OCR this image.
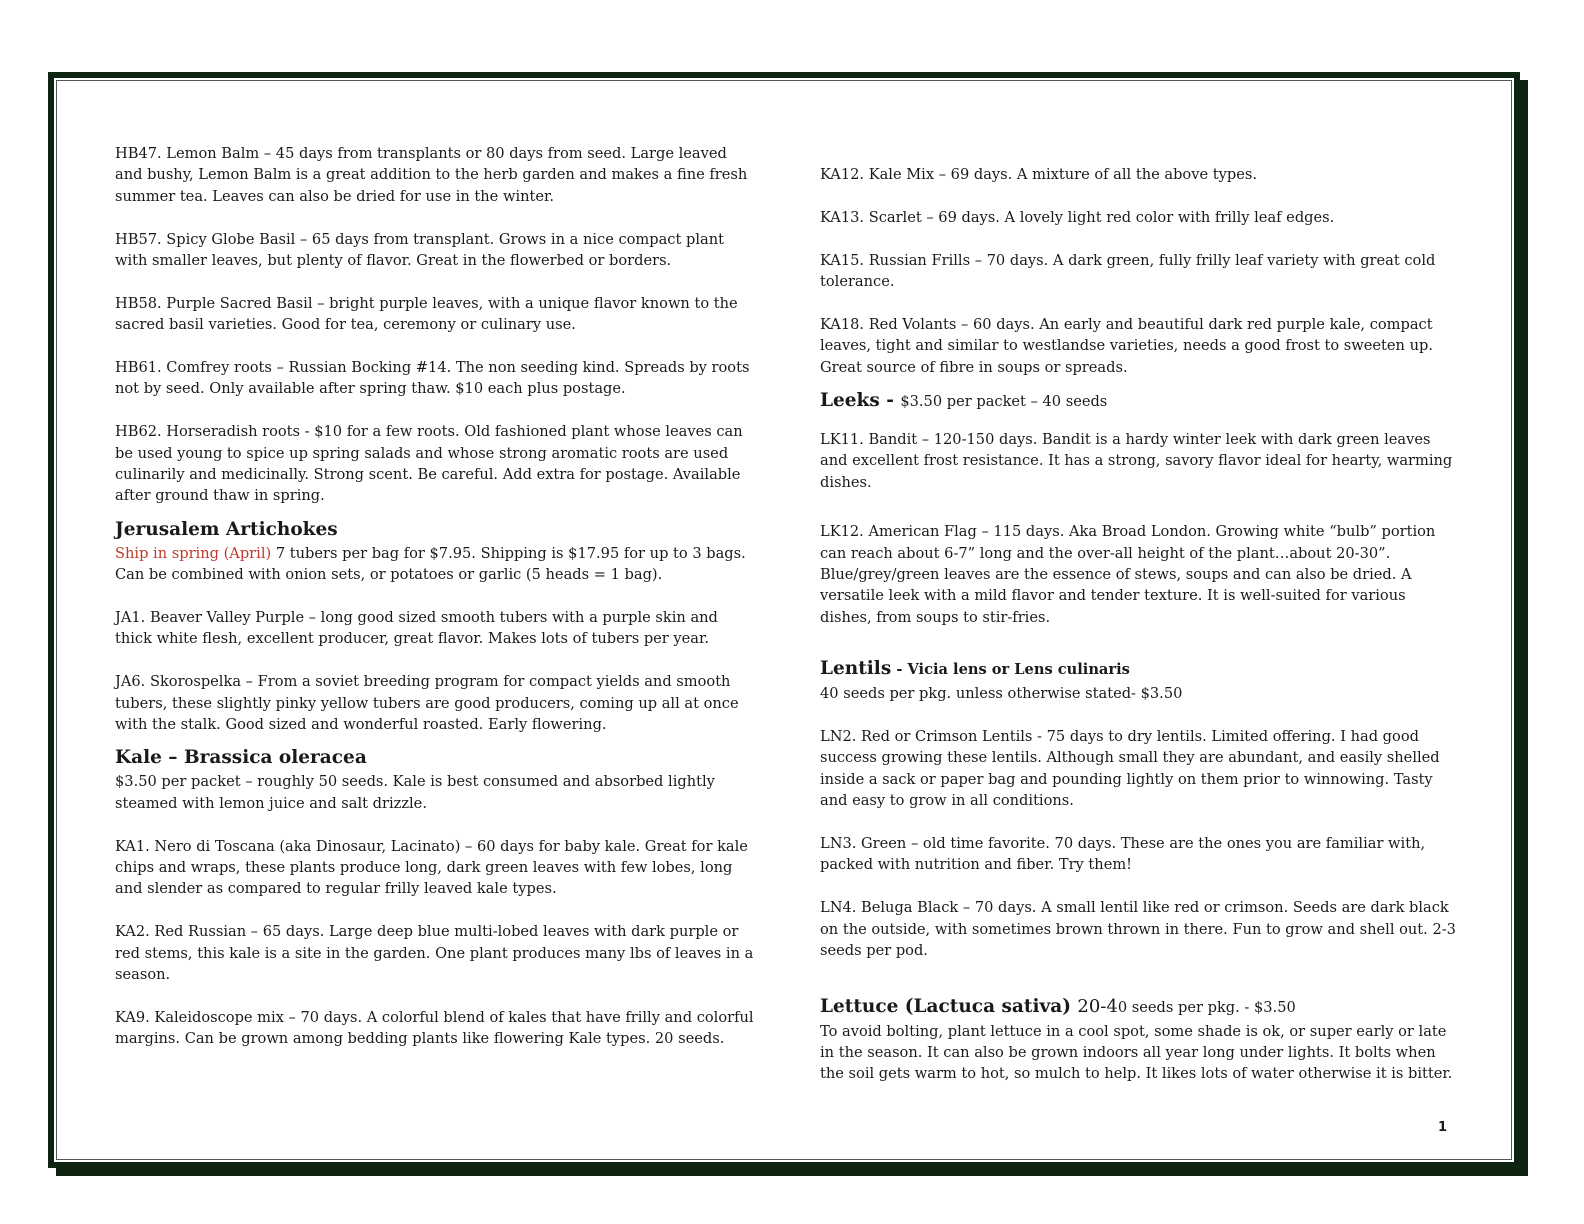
HB47. Lemon Balm – 45 days from transplants or 80 days from seed. Large leaved and bushy, Lemon Balm is a great addition to the herb garden and makes a fine fresh summer tea. Leaves can also be dried for use in the winter.

HB57. Spicy Globe Basil – 65 days from transplant. Grows in a nice compact plant with smaller leaves, but plenty of flavor. Great in the flowerbed or borders.

HB58. Purple Sacred Basil – bright purple leaves, with a unique flavor known to the sacred basil varieties. Good for tea, ceremony or culinary use.

HB61. Comfrey roots – Russian Bocking #14. The non seeding kind. Spreads by roots not by seed. Only available after spring thaw. $10 each plus postage.

HB62. Horseradish roots - $10 for a few roots. Old fashioned plant whose leaves can be used young to spice up spring salads and whose strong aromatic roots are used culinarily and medicinally. Strong scent. Be careful. Add extra for postage. Available after ground thaw in spring.

Jerusalem Artichokes

Ship in spring (April) 7 tubers per bag for $7.95. Shipping is $17.95 for up to 3 bags. Can be combined with onion sets, or potatoes or garlic (5 heads = 1 bag).

JA1. Beaver Valley Purple – long good sized smooth tubers with a purple skin and thick white flesh, excellent producer, great flavor. Makes lots of tubers per year.

JA6. Skorospelka – From a soviet breeding program for compact yields and smooth tubers, these slightly pinky yellow tubers are good producers, coming up all at once with the stalk. Good sized and wonderful roasted. Early flowering.

Kale – Brassica oleracea

$3.50 per packet – roughly 50 seeds. Kale is best consumed and absorbed lightly steamed with lemon juice and salt drizzle.

KA1. Nero di Toscana (aka Dinosaur, Lacinato) – 60 days for baby kale. Great for kale chips and wraps, these plants produce long, dark green leaves with few lobes, long and slender as compared to regular frilly leaved kale types.

KA2. Red Russian – 65 days. Large deep blue multi-lobed leaves with dark purple or red stems, this kale is a site in the garden. One plant produces many lbs of leaves in a season.

KA9. Kaleidoscope mix – 70 days. A colorful blend of kales that have frilly and colorful margins. Can be grown among bedding plants like flowering Kale types. 20 seeds.

KA12. Kale Mix – 69 days. A mixture of all the above types.

KA13. Scarlet – 69 days. A lovely light red color with frilly leaf edges.

KA15. Russian Frills – 70 days. A dark green, fully frilly leaf variety with great cold tolerance.

KA18. Red Volants – 60 days. An early and beautiful dark red purple kale, compact leaves, tight and similar to westlandse varieties, needs a good frost to sweeten up. Great source of fibre in soups or spreads.

Leeks - $3.50 per packet – 40 seeds

LK11. Bandit – 120-150 days. Bandit is a hardy winter leek with dark green leaves and excellent frost resistance. It has a strong, savory flavor ideal for hearty, warming dishes.

LK12. American Flag – 115 days. Aka Broad London. Growing white “bulb” portion can reach about 6-7” long and the over-all height of the plant…about 20-30”. Blue/grey/green leaves are the essence of stews, soups and can also be dried. A versatile leek with a mild flavor and tender texture. It is well-suited for various dishes, from soups to stir-fries.

Lentils - Vicia lens or Lens culinaris

40 seeds per pkg. unless otherwise stated- $3.50

LN2. Red or Crimson Lentils - 75 days to dry lentils. Limited offering. I had good success growing these lentils. Although small they are abundant, and easily shelled inside a sack or paper bag and pounding lightly on them prior to winnowing. Tasty and easy to grow in all conditions.

LN3. Green – old time favorite. 70 days. These are the ones you are familiar with, packed with nutrition and fiber. Try them!

LN4. Beluga Black – 70 days. A small lentil like red or crimson. Seeds are dark black on the outside, with sometimes brown thrown in there. Fun to grow and shell out. 2-3 seeds per pod.

Lettuce (Lactuca sativa) 20-40 seeds per pkg. - $3.50

To avoid bolting, plant lettuce in a cool spot, some shade is ok, or super early or late in the season. It can also be grown indoors all year long under lights. It bolts when the soil gets warm to hot, so mulch to help. It likes lots of water otherwise it is bitter.

1
